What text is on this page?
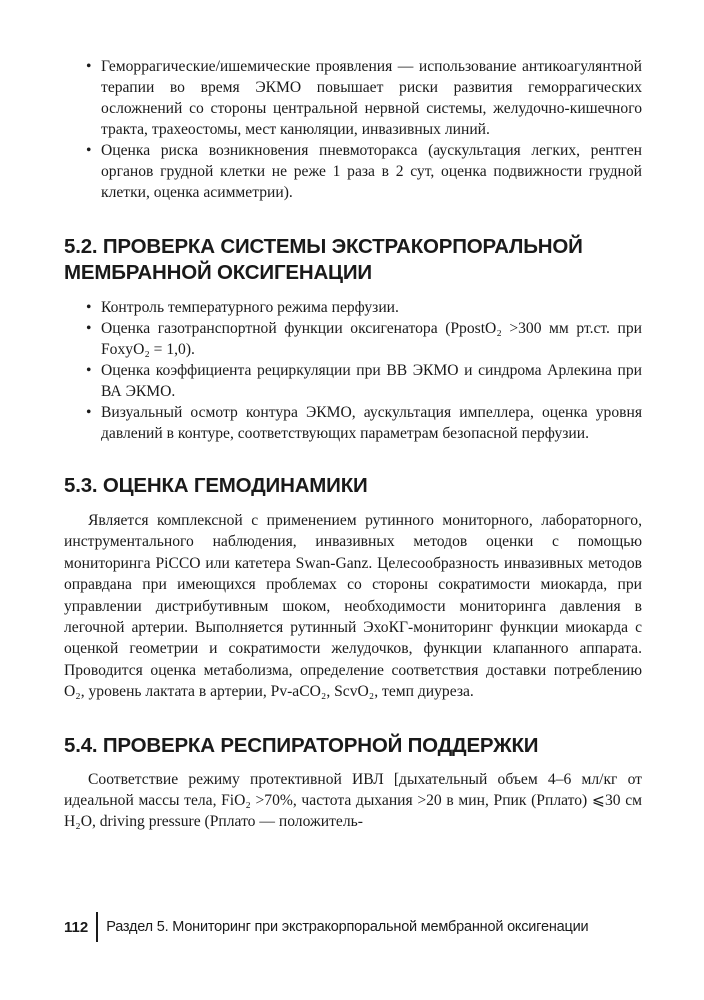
• Геморрагические/ишемические проявления — использование антикоагулянтной терапии во время ЭКМО повышает риски развития геморрагических осложнений со стороны центральной нервной системы, желудочно-кишечного тракта, трахеостомы, мест канюляции, инвазивных линий.
• Оценка риска возникновения пневмоторакса (аускультация легких, рентген органов грудной клетки не реже 1 раза в 2 сут, оценка подвижности грудной клетки, оценка асимметрии).
5.2. ПРОВЕРКА СИСТЕМЫ ЭКСТРАКОРПОРАЛЬНОЙ МЕМБРАННОЙ ОКСИГЕНАЦИИ
• Контроль температурного режима перфузии.
• Оценка газотранспортной функции оксигенатора (PpostO₂ >300 мм рт.ст. при FoxyO₂ = 1,0).
• Оценка коэффициента рециркуляции при ВВ ЭКМО и синдрома Арлекина при ВА ЭКМО.
• Визуальный осмотр контура ЭКМО, аускультация импеллера, оценка уровня давлений в контуре, соответствующих параметрам безопасной перфузии.
5.3. ОЦЕНКА ГЕМОДИНАМИКИ

Является комплексной с применением рутинного мониторного, лабораторного, инструментального наблюдения, инвазивных методов оценки с помощью мониторинга PiCCO или катетера Swan-Ganz. Целесообразность инвазивных методов оправдана при имеющихся проблемах со стороны сократимости миокарда, при управлении дистрибутивным шоком, необходимости мониторинга давления в легочной артерии. Выполняется рутинный ЭхоКГ-мониторинг функции миокарда с оценкой геометрии и сократимости желудочков, функции клапанного аппарата. Проводится оценка метаболизма, определение соответствия доставки потреблению O₂, уровень лактата в артерии, Pv-aCO₂, ScvO₂, темп диуреза.

5.4. ПРОВЕРКА РЕСПИРАТОРНОЙ ПОДДЕРЖКИ

Соответствие режиму протективной ИВЛ [дыхательный объем 4–6 мл/кг от идеальной массы тела, FiO₂ >70%, частота дыхания >20 в мин, Pпик (Pплато) ⩽30 см H₂O, driving pressure (Pплато — положитель-

112 Раздел 5. Мониторинг при экстракорпоральной мембранной оксигенации
